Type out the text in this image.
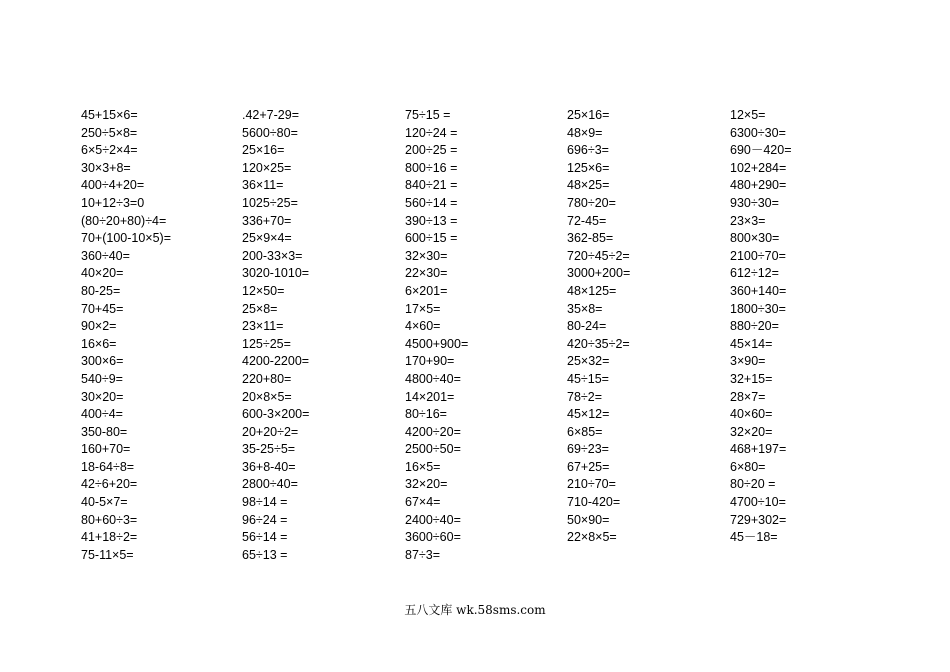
45+15×6=
250÷5×8=
6×5÷2×4=
30×3+8=
400÷4+20=
10+12÷3=0
(80÷20+80)÷4=
70+(100-10×5)=
360÷40=
40×20=
80-25=
70+45=
90×2=
16×6=
300×6=
540÷9=
30×20=
400÷4=
350-80=
160+70=
18-64÷8=
42÷6+20=
40-5×7=
80+60÷3=
41+18÷2=
75-11×5=
.42+7-29=
5600÷80=
25×16=
120×25=
36×11=
1025÷25=
336+70=
25×9×4=
200-33×3=
3020-1010=
12×50=
25×8=
23×11=
125÷25=
4200-2200=
220+80=
20×8×5=
600-3×200=
20+20÷2=
35-25÷5=
36+8-40=
2800÷40=
98÷14 =
96÷24 =
56÷14 =
65÷13 =
75÷15 =
120÷24 =
200÷25 =
800÷16 =
840÷21 =
560÷14 =
390÷13 =
600÷15 =
32×30=
22×30=
6×201=
17×5=
4×60=
4500+900=
170+90=
4800÷40=
14×201=
80÷16=
4200÷20=
2500÷50=
16×5=
32×20=
67×4=
2400÷40=
3600÷60=
87÷3=
25×16=
48×9=
696÷3=
125×6=
48×25=
780÷20=
72-45=
362-85=
720÷45÷2=
3000+200=
48×125=
35×8=
80-24=
420÷35÷2=
25×32=
45÷15=
78÷2=
45×12=
6×85=
69÷23=
67+25=
210÷70=
710-420=
50×90=
22×8×5=
12×5=
6300÷30=
690－420=
102+284=
480+290=
930÷30=
23×3=
800×30=
2100÷70=
612÷12=
360+140=
1800÷30=
880÷20=
45×14=
3×90=
32+15=
28×7=
40×60=
32×20=
468+197=
6×80=
80÷20 =
4700÷10=
729+302=
45－18=
五八文库 wk.58sms.com
